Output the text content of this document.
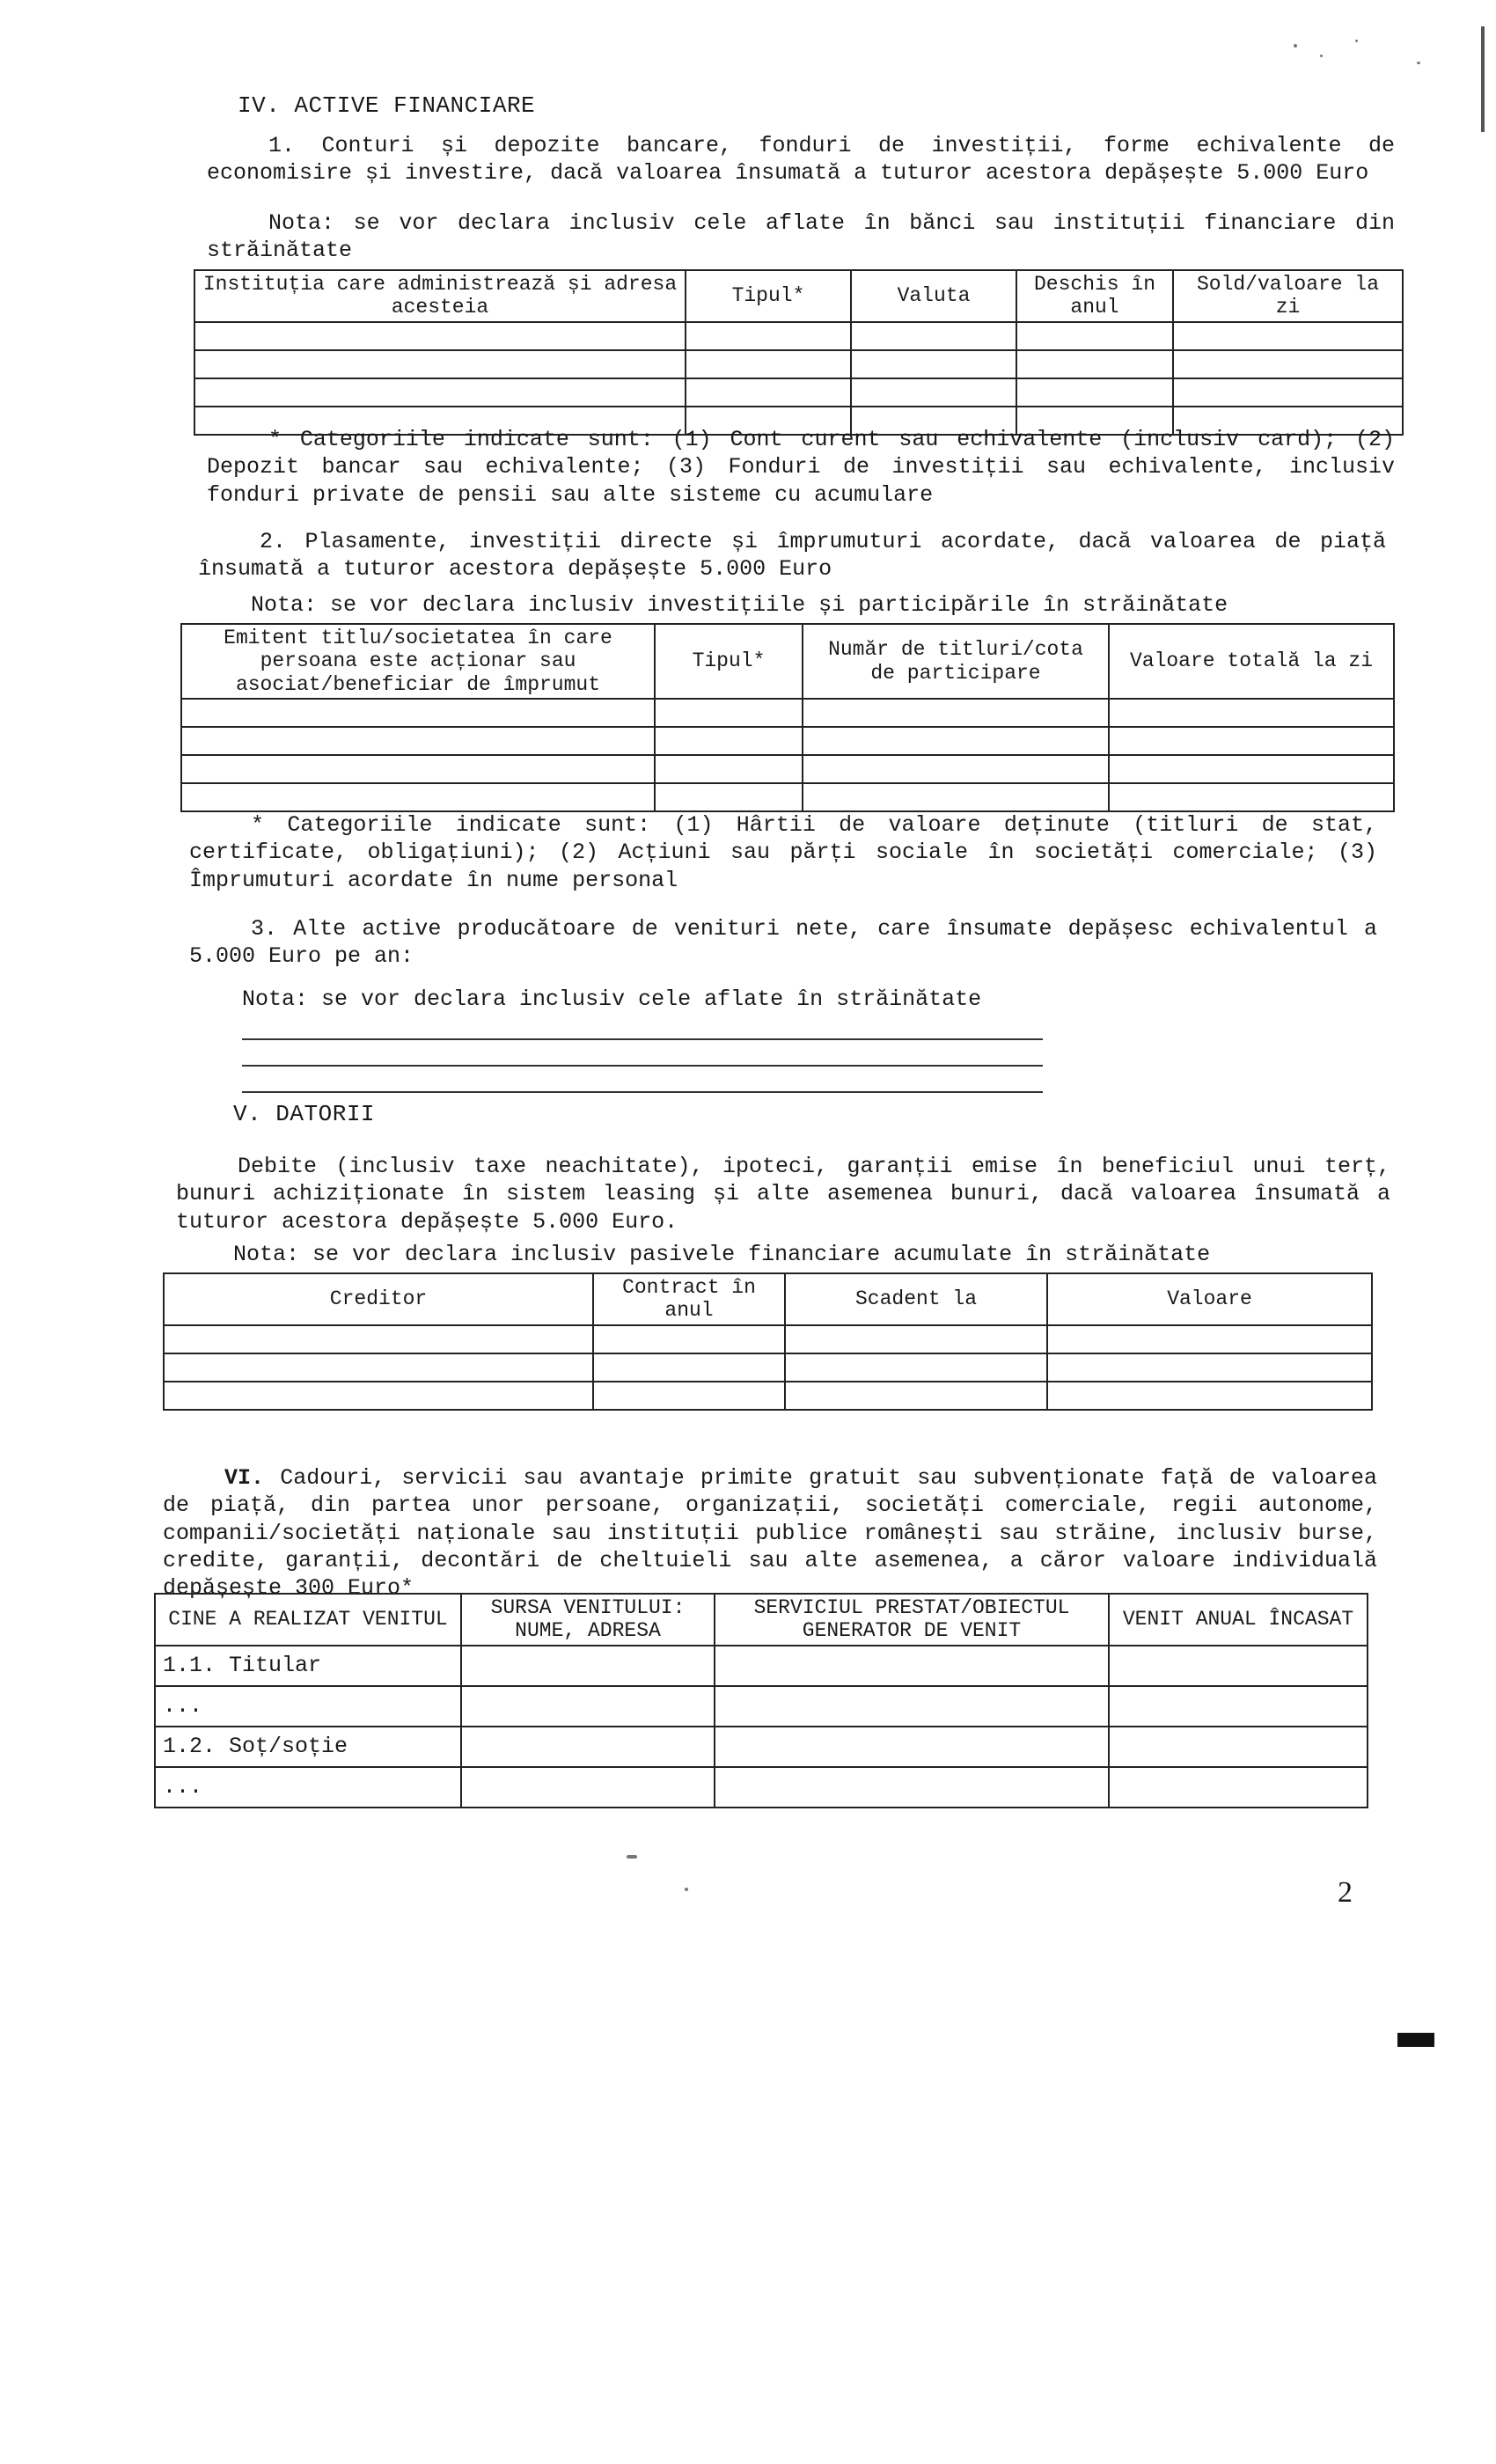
IV. ACTIVE FINANCIARE
1. Conturi și depozite bancare, fonduri de investiții, forme echivalente de economisire și investire, dacă valoarea însumată a tuturor acestora depășește 5.000 Euro
Nota: se vor declara inclusiv cele aflate în bănci sau instituții financiare din străinătate
Instituția care administrează și adresa acesteia	Tipul*	Valuta	Deschis în anul	Sold/valoare la zi

* Categoriile indicate sunt: (1) Cont curent sau echivalente (inclusiv card); (2) Depozit bancar sau echivalente; (3) Fonduri de investiții sau echivalente, inclusiv fonduri private de pensii sau alte sisteme cu acumulare
2. Plasamente, investiții directe și împrumuturi acordate, dacă valoarea de piață însumată a tuturor acestora depășește 5.000 Euro
Nota: se vor declara inclusiv investițiile și participările în străinătate
Emitent titlu/societatea în care persoana este acționar sau asociat/beneficiar de împrumut	Tipul*	Număr de titluri/cota de participare	Valoare totală la zi

* Categoriile indicate sunt: (1) Hârtii de valoare deținute (titluri de stat, certificate, obligațiuni); (2) Acțiuni sau părți sociale în societăți comerciale; (3) Împrumuturi acordate în nume personal
3. Alte active producătoare de venituri nete, care însumate depășesc echivalentul a 5.000 Euro pe an:
Nota: se vor declara inclusiv cele aflate în străinătate
V. DATORII
Debite (inclusiv taxe neachitate), ipoteci, garanții emise în beneficiul unui terț, bunuri achiziționate în sistem leasing și alte asemenea bunuri, dacă valoarea însumată a tuturor acestora depășește 5.000 Euro.
Nota: se vor declara inclusiv pasivele financiare acumulate în străinătate
Creditor	Contract în anul	Scadent la	Valoare

VI. Cadouri, servicii sau avantaje primite gratuit sau subvenționate față de valoarea de piață, din partea unor persoane, organizații, societăți comerciale, regii autonome, companii/societăți naționale sau instituții publice românești sau străine, inclusiv burse, credite, garanții, decontări de cheltuieli sau alte asemenea, a căror valoare individuală depășește 300 Euro*
CINE A REALIZAT VENITUL	SURSA VENITULUI: NUME, ADRESA	SERVICIUL PRESTAT/OBIECTUL GENERATOR DE VENIT	VENIT ANUAL ÎNCASAT
1.1. Titular			
...			
1.2. Soț/soție			
...			
2
